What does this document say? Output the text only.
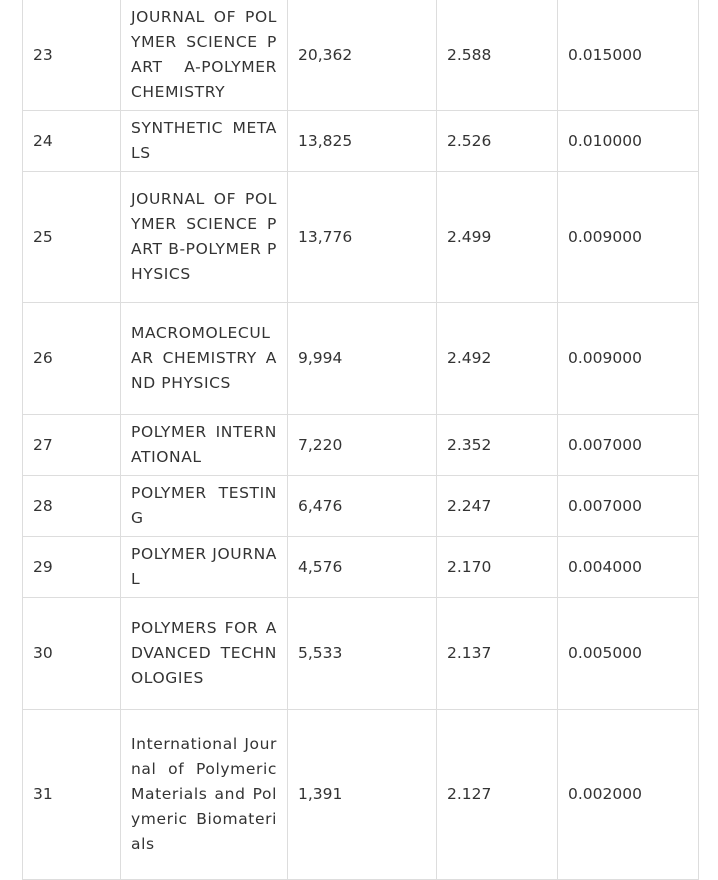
23	JOURNAL OF POLYMER SCIENCE PART A-POLYMER CHEMISTRY	20,362	2.588	0.015000
24	SYNTHETIC METALS	13,825	2.526	0.010000
25	JOURNAL OF POLYMER SCIENCE PART B-POLYMER PHYSICS	13,776	2.499	0.009000
26	MACROMOLECULAR CHEMISTRY AND PHYSICS	9,994	2.492	0.009000
27	POLYMER INTERNATIONAL	7,220	2.352	0.007000
28	POLYMER TESTING	6,476	2.247	0.007000
29	POLYMER JOURNAL	4,576	2.170	0.004000
30	POLYMERS FOR ADVANCED TECHNOLOGIES	5,533	2.137	0.005000
31	International Journal of Polymeric Materials and Polymeric Biomaterials	1,391	2.127	0.002000
